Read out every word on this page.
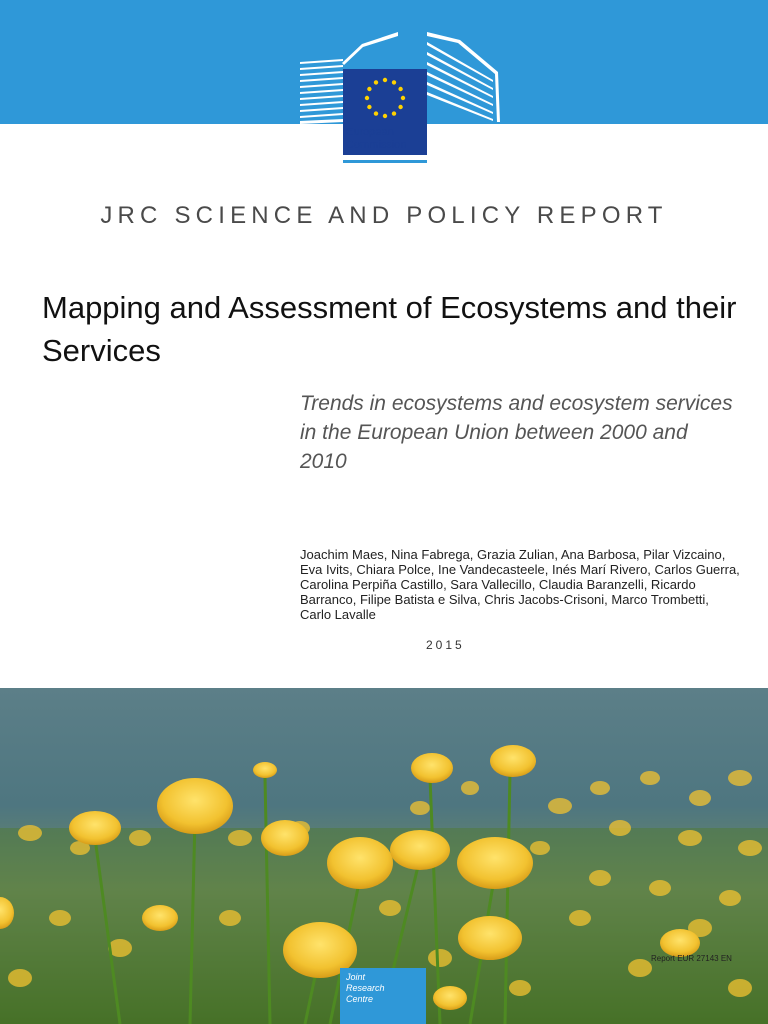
European
Commission
JRC SCIENCE AND POLICY REPORT
Mapping and Assessment of Ecosystems and their Services
Trends in ecosystems and ecosystem services in the European Union between 2000 and 2010
Joachim Maes, Nina Fabrega, Grazia Zulian, Ana Barbosa, Pilar Vizcaino, Eva Ivits, Chiara Polce, Ine Vandecasteele, Inés Marí Rivero, Carlos Guerra, Carolina Perpiña Castillo, Sara Vallecillo, Claudia Baranzelli, Ricardo Barranco, Filipe Batista e Silva, Chris Jacobs-Crisoni, Marco Trombetti, Carlo Lavalle
2015
Report EUR 27143 EN
Joint
Research
Centre
